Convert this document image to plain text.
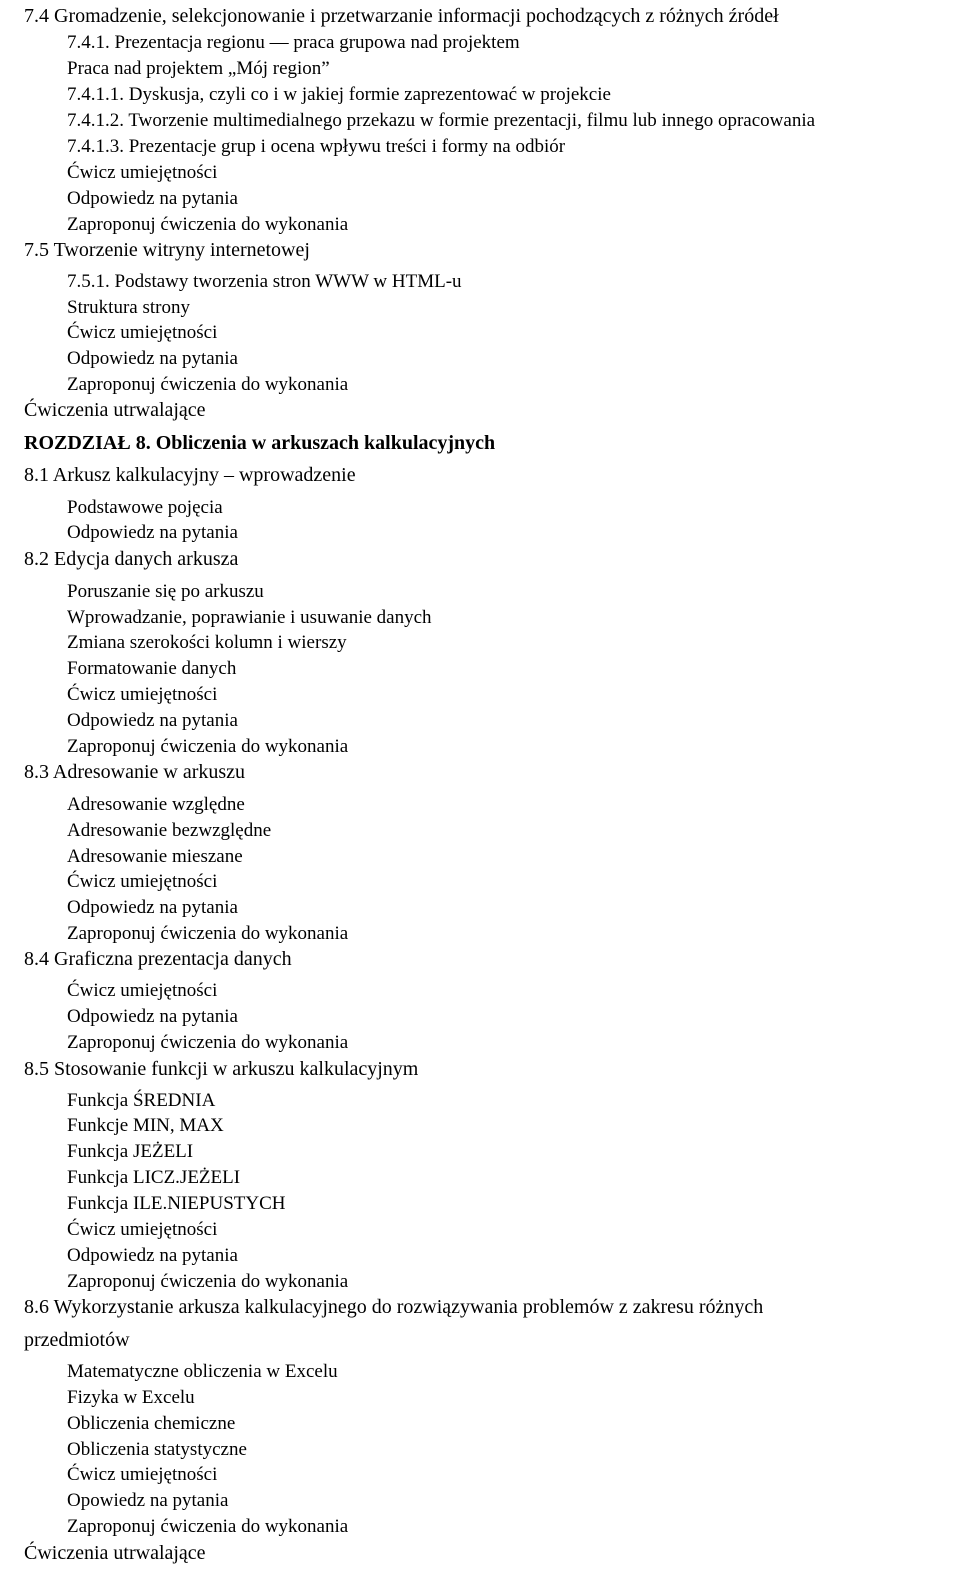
7.4 Gromadzenie, selekcjonowanie i przetwarzanie informacji pochodzących z różnych źródeł
7.4.1. Prezentacja regionu — praca grupowa nad projektem
Praca nad projektem „Mój region”
7.4.1.1. Dyskusja, czyli co i w jakiej formie zaprezentować w projekcie
7.4.1.2. Tworzenie multimedialnego przekazu w formie prezentacji, filmu lub innego opracowania
7.4.1.3. Prezentacje grup i ocena wpływu treści i formy na odbiór
Ćwicz umiejętności
Odpowiedz na pytania
Zaproponuj ćwiczenia do wykonania
7.5 Tworzenie witryny internetowej
7.5.1. Podstawy tworzenia stron WWW w HTML-u
Struktura strony
Ćwicz umiejętności
Odpowiedz na pytania
Zaproponuj ćwiczenia do wykonania
Ćwiczenia utrwalające
ROZDZIAŁ 8. Obliczenia w arkuszach kalkulacyjnych
8.1 Arkusz kalkulacyjny – wprowadzenie
Podstawowe pojęcia
Odpowiedz na pytania
8.2 Edycja danych arkusza
Poruszanie się po arkuszu
Wprowadzanie, poprawianie i usuwanie danych
Zmiana szerokości kolumn i wierszy
Formatowanie danych
Ćwicz umiejętności
Odpowiedz na pytania
Zaproponuj ćwiczenia do wykonania
8.3 Adresowanie w arkuszu
Adresowanie względne
Adresowanie bezwzględne
Adresowanie mieszane
Ćwicz umiejętności
Odpowiedz na pytania
Zaproponuj ćwiczenia do wykonania
8.4 Graficzna prezentacja danych
Ćwicz umiejętności
Odpowiedz na pytania
Zaproponuj ćwiczenia do wykonania
8.5 Stosowanie funkcji w arkuszu kalkulacyjnym
Funkcja ŚREDNIA
Funkcje MIN, MAX
Funkcja JEŻELI
Funkcja LICZ.JEŻELI
Funkcja ILE.NIEPUSTYCH
Ćwicz umiejętności
Odpowiedz na pytania
Zaproponuj ćwiczenia do wykonania
8.6 Wykorzystanie arkusza kalkulacyjnego do rozwiązywania problemów z zakresu różnych
przedmiotów
Matematyczne obliczenia w Excelu
Fizyka w Excelu
Obliczenia chemiczne
Obliczenia statystyczne
Ćwicz umiejętności
Opowiedz na pytania
Zaproponuj ćwiczenia do wykonania
Ćwiczenia utrwalające
